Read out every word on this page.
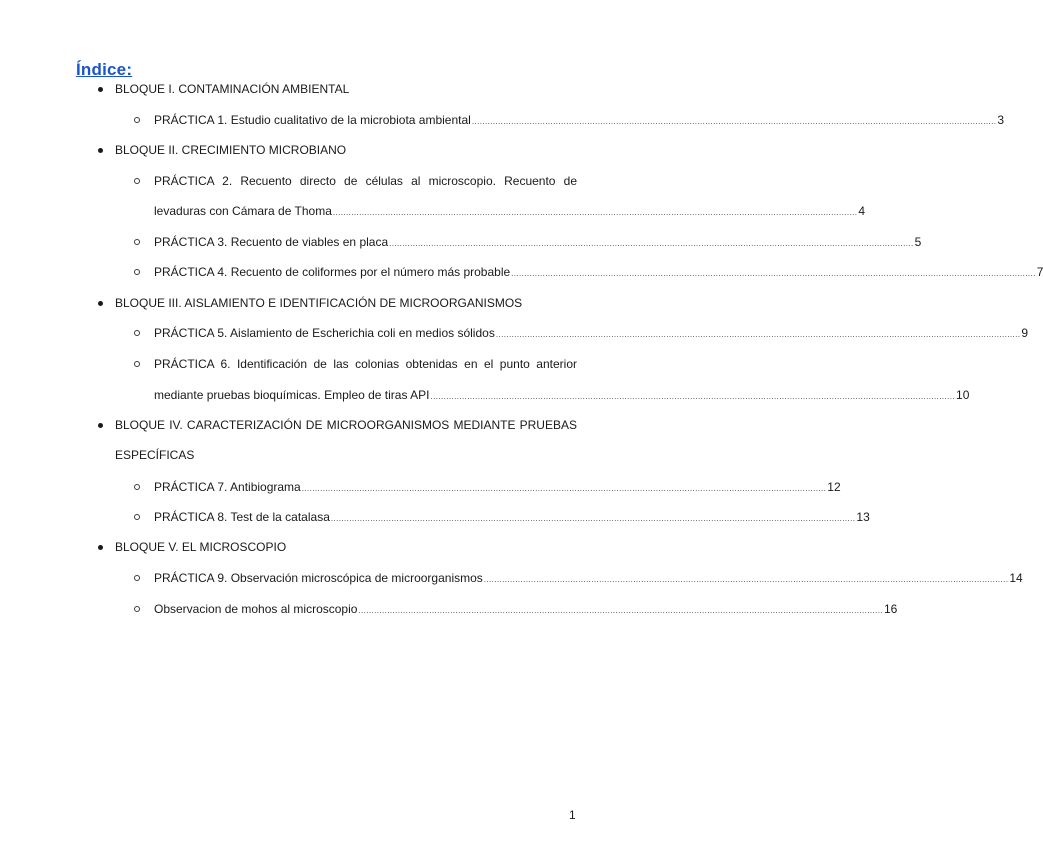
Índice:
BLOQUE I. CONTAMINACIÓN AMBIENTAL
PRÁCTICA 1. Estudio cualitativo de la microbiota ambiental ........................................................................................................................................................................................................ 3
BLOQUE II. CRECIMIENTO MICROBIANO
PRÁCTICA 2. Recuento directo de células al microscopio. Recuento de
levaduras con Cámara de Thoma ........................................................................................................................................................................................................ 4
PRÁCTICA 3. Recuento de viables en placa ........................................................................................................................................................................................................ 5
PRÁCTICA 4. Recuento de coliformes por el número más probable ........................................................................................................................................................................................................ 7
BLOQUE III. AISLAMIENTO E IDENTIFICACIÓN DE MICROORGANISMOS
PRÁCTICA 5. Aislamiento de Escherichia coli en medios sólidos ........................................................................................................................................................................................................ 9
PRÁCTICA 6. Identificación de las colonias obtenidas en el punto anterior
mediante pruebas bioquímicas. Empleo de tiras API ........................................................................................................................................................................................................ 10
BLOQUE IV. CARACTERIZACIÓN DE MICROORGANISMOS MEDIANTE PRUEBAS
ESPECÍFICAS
PRÁCTICA 7. Antibiograma ........................................................................................................................................................................................................ 12
PRÁCTICA 8. Test de la catalasa ........................................................................................................................................................................................................ 13
BLOQUE V. EL MICROSCOPIO
PRÁCTICA 9. Observación microscópica de microorganismos ........................................................................................................................................................................................................ 14
Observacion de mohos al microscopio ........................................................................................................................................................................................................ 16
1
